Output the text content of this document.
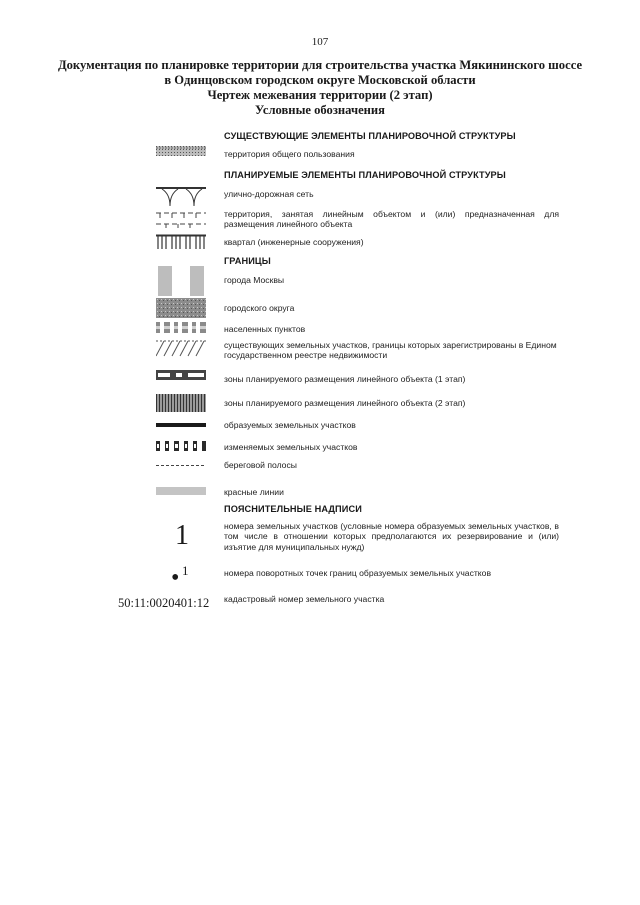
107
Документация по планировке территории для строительства участка Мякининского шоссе
в Одинцовском городском округе Московской области
Чертеж межевания территории (2 этап)
Условные обозначения
СУЩЕСТВУЮЩИЕ ЭЛЕМЕНТЫ ПЛАНИРОВОЧНОЙ СТРУКТУРЫ
территория общего пользования
ПЛАНИРУЕМЫЕ ЭЛЕМЕНТЫ ПЛАНИРОВОЧНОЙ СТРУКТУРЫ
улично-дорожная сеть
территория, занятая линейным объектом и (или) предназначенная для размещения линейного объекта
квартал (инженерные сооружения)
ГРАНИЦЫ
города Москвы
городского округа
населенных пунктов
существующих земельных участков, границы которых зарегистрированы в Едином государственном реестре недвижимости
зоны планируемого размещения линейного объекта (1 этап)
зоны планируемого размещения линейного объекта (2 этап)
образуемых земельных участков
изменяемых земельных участков
береговой полосы
красные линии
ПОЯСНИТЕЛЬНЫЕ НАДПИСИ
1	номера земельных участков (условные номера образуемых земельных участков, в том числе в отношении которых предполагаются их резервирование и (или) изъятие для муниципальных нужд)
• 1	номера поворотных точек границ образуемых земельных участков
50:11:0020401:12 кадастровый номер земельного участка
